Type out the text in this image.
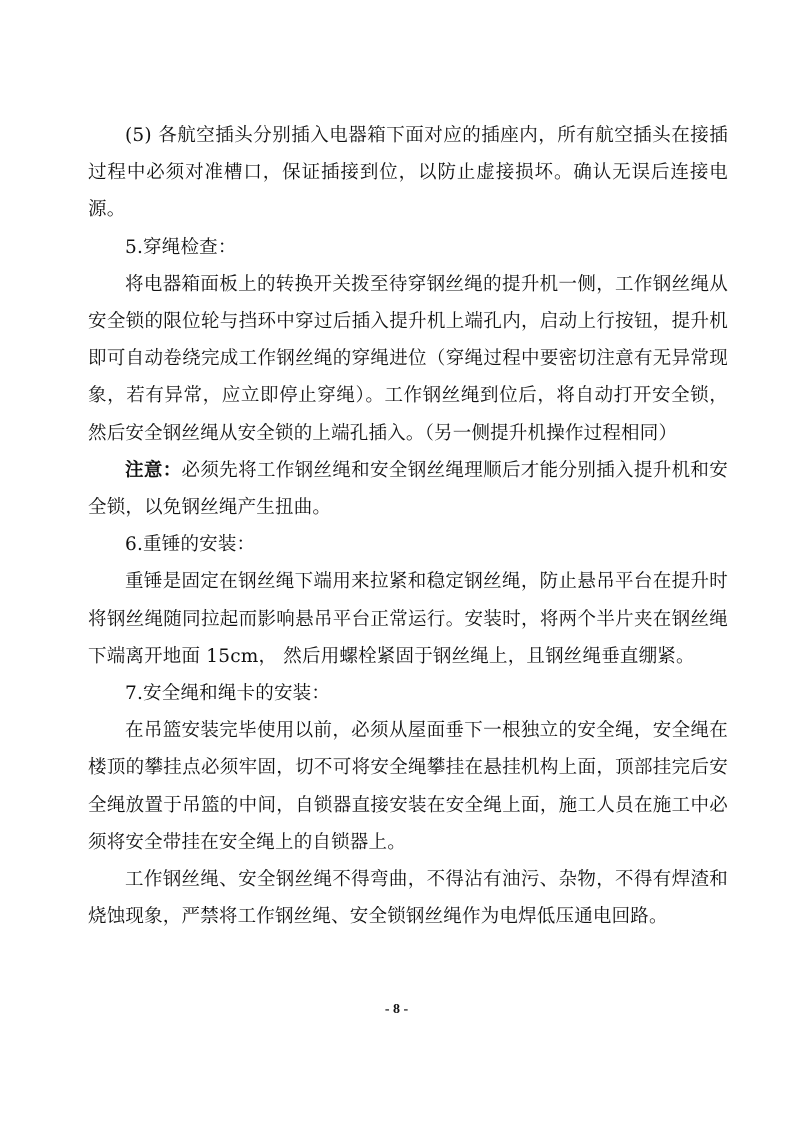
(5) 各航空插头分别插入电器箱下面对应的插座内，所有航空插头在接插过程中必须对准槽口，保证插接到位，以防止虚接损坏。确认无误后连接电源。

5.穿绳检查：

将电器箱面板上的转换开关拨至待穿钢丝绳的提升机一侧，工作钢丝绳从安全锁的限位轮与挡环中穿过后插入提升机上端孔内，启动上行按钮，提升机即可自动卷绕完成工作钢丝绳的穿绳进位（穿绳过程中要密切注意有无异常现象，若有异常，应立即停止穿绳）。工作钢丝绳到位后，将自动打开安全锁，然后安全钢丝绳从安全锁的上端孔插入。（另一侧提升机操作过程相同）

注意：必须先将工作钢丝绳和安全钢丝绳理顺后才能分别插入提升机和安全锁，以免钢丝绳产生扭曲。

6.重锤的安装：

重锤是固定在钢丝绳下端用来拉紧和稳定钢丝绳，防止悬吊平台在提升时将钢丝绳随同拉起而影响悬吊平台正常运行。安装时，将两个半片夹在钢丝绳下端离开地面 15cm， 然后用螺栓紧固于钢丝绳上，且钢丝绳垂直绷紧。

7.安全绳和绳卡的安装：

在吊篮安装完毕使用以前，必须从屋面垂下一根独立的安全绳，安全绳在楼顶的攀挂点必须牢固，切不可将安全绳攀挂在悬挂机构上面，顶部挂完后安全绳放置于吊篮的中间，自锁器直接安装在安全绳上面，施工人员在施工中必须将安全带挂在安全绳上的自锁器上。

工作钢丝绳、安全钢丝绳不得弯曲，不得沾有油污、杂物，不得有焊渣和烧蚀现象，严禁将工作钢丝绳、安全锁钢丝绳作为电焊低压通电回路。

- 8 -
